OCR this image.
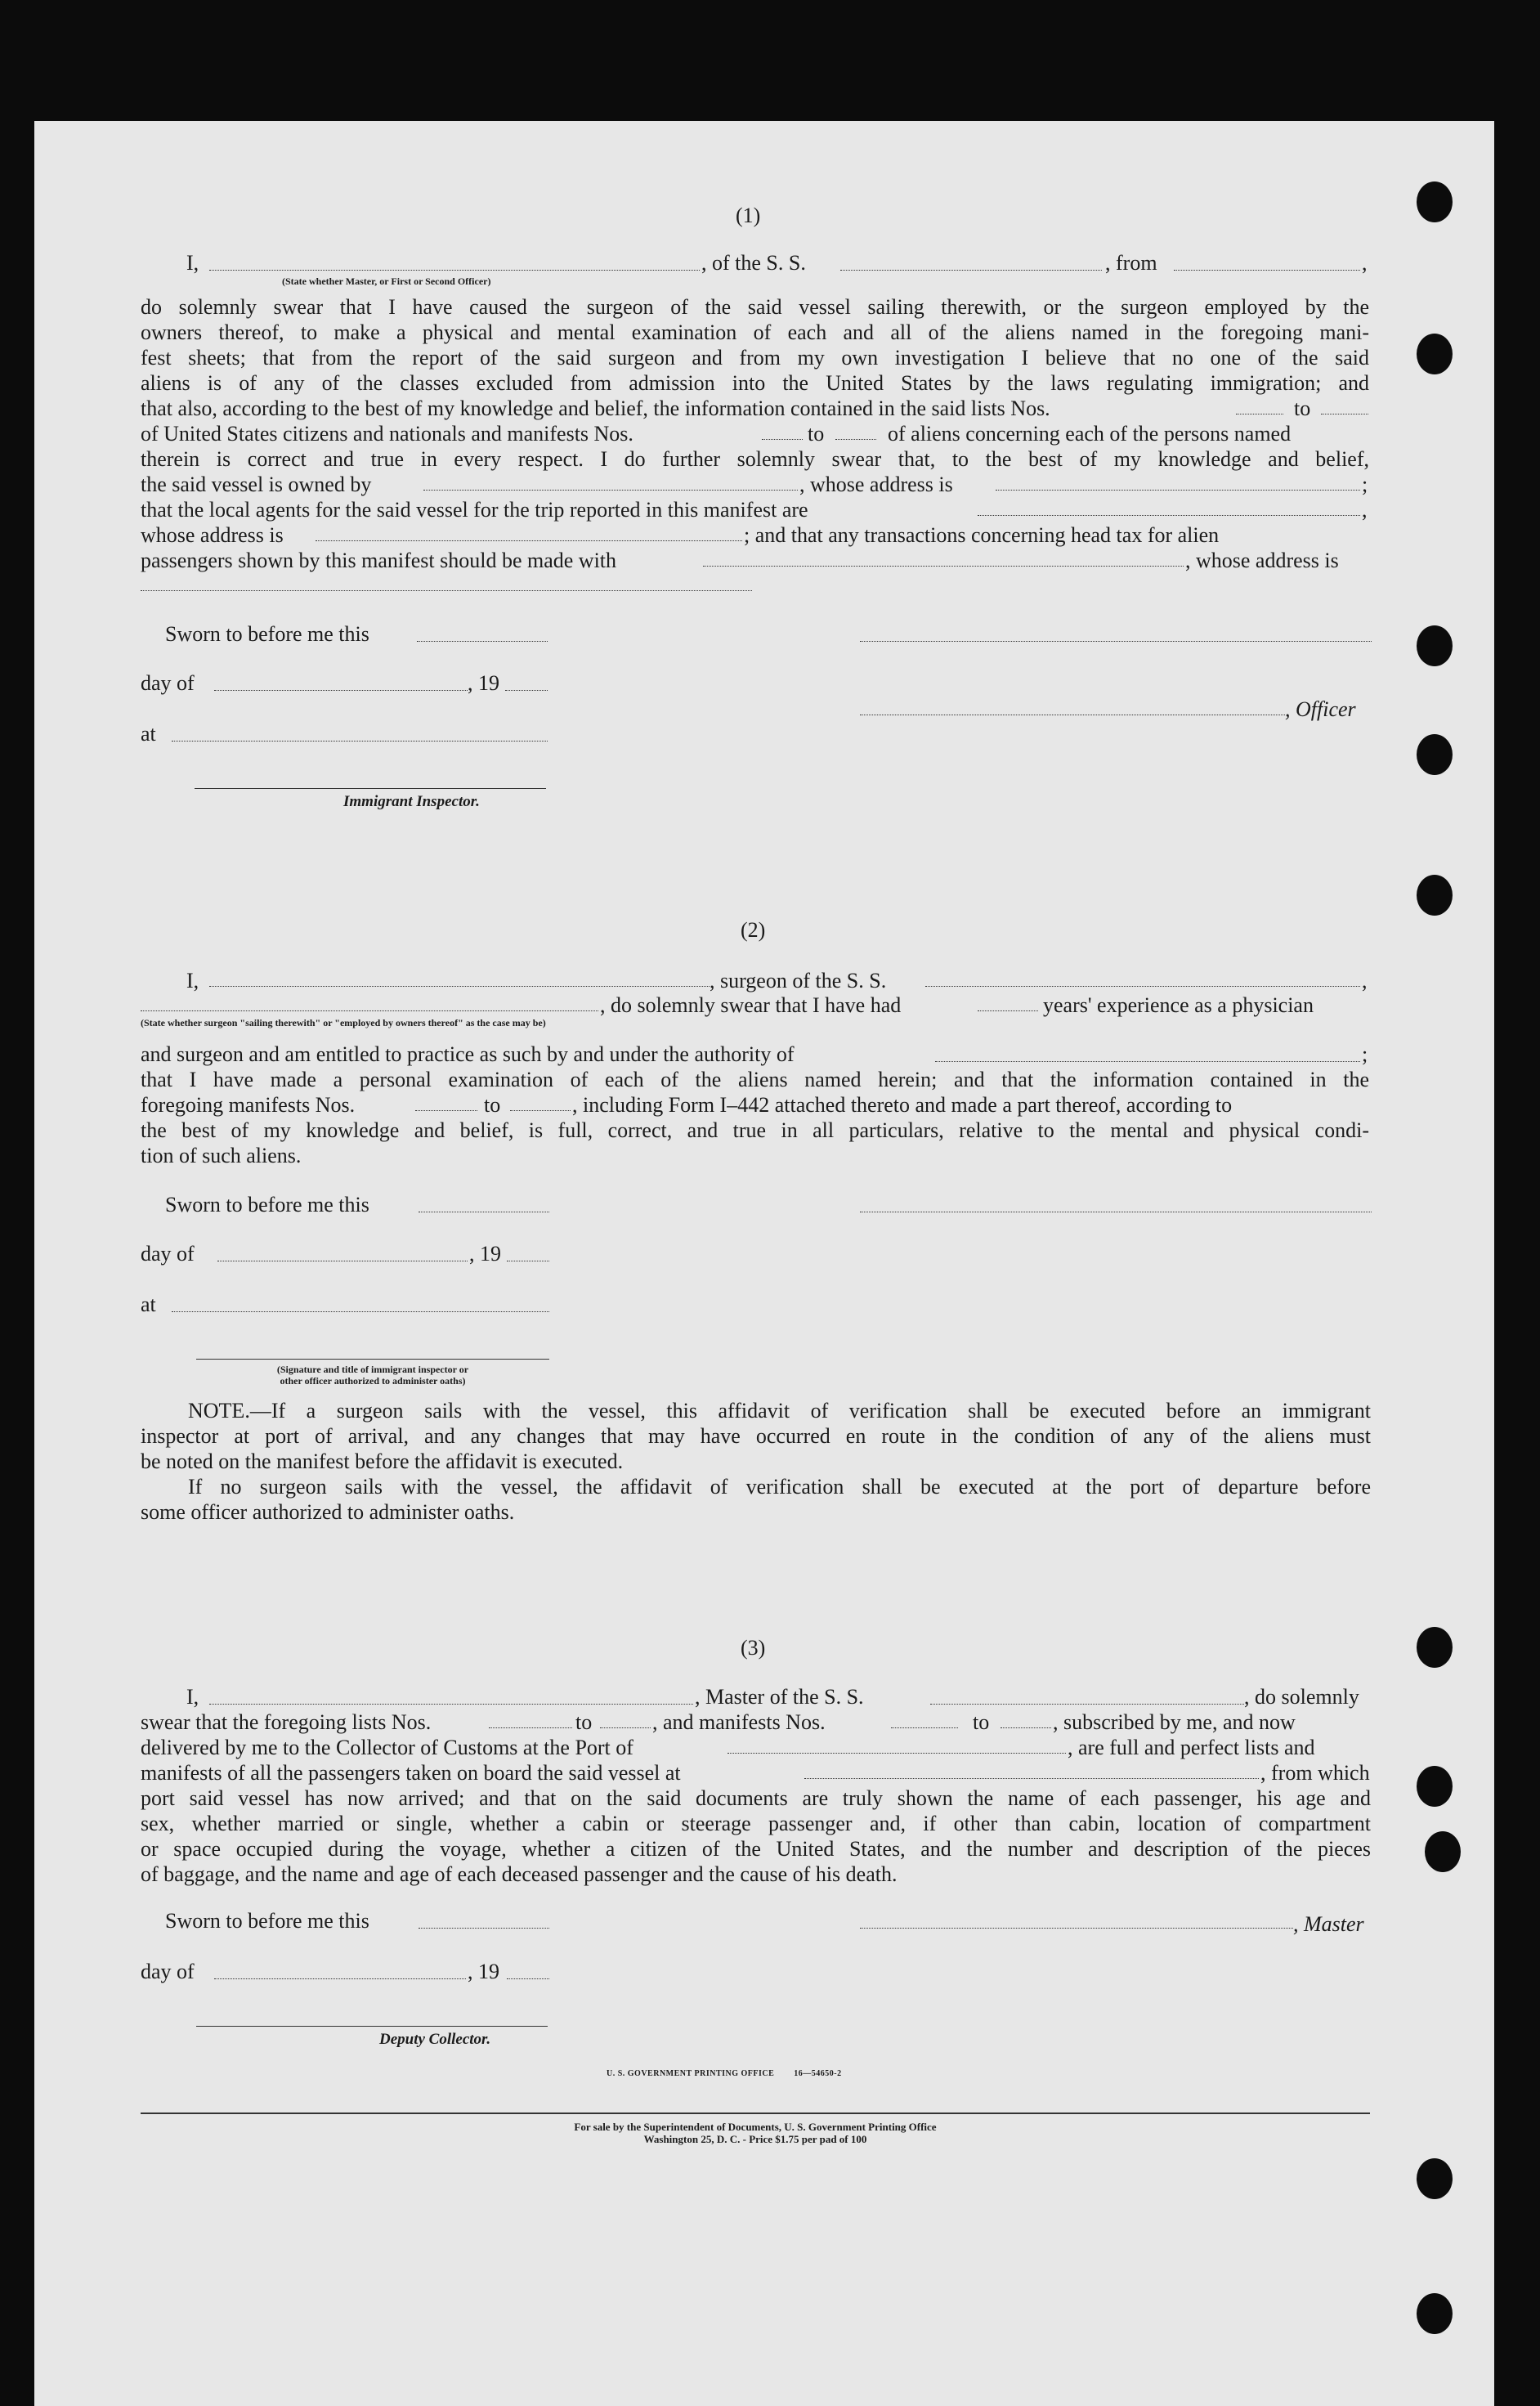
(1)
I,	, of the S. S.	, from	,
(State whether Master, or First or Second Officer)
do solemnly swear that I have caused the surgeon of the said vessel sailing therewith, or the surgeon employed by the
owners thereof, to make a physical and mental examination of each and all of the aliens named in the foregoing mani-
fest sheets; that from the report of the said surgeon and from my own investigation I believe that no one of the said
aliens is of any of the classes excluded from admission into the United States by the laws regulating immigration; and
that also, according to the best of my knowledge and belief, the information contained in the said lists Nos.	to
of United States citizens and nationals and manifests Nos.	to	of aliens concerning each of the persons named
therein is correct and true in every respect. I do further solemnly swear that, to the best of my knowledge and belief,
the said vessel is owned by	, whose address is	;
that the local agents for the said vessel for the trip reported in this manifest are	,
whose address is	; and that any transactions concerning head tax for alien
passengers shown by this manifest should be made with	, whose address is
Sworn to before me this
day of	, 19
, Officer
at
Immigrant Inspector.
(2)
I,	, surgeon of the S. S.	,
, do solemnly swear that I have had	years' experience as a physician
(State whether surgeon "sailing therewith" or "employed by owners thereof" as the case may be)
and surgeon and am entitled to practice as such by and under the authority of	;
that I have made a personal examination of each of the aliens named herein; and that the information contained in the
foregoing manifests Nos.	to	, including Form I–442 attached thereto and made a part thereof, according to
the best of my knowledge and belief, is full, correct, and true in all particulars, relative to the mental and physical condi-
tion of such aliens.
Sworn to before me this
day of	, 19
at
(Signature and title of immigrant inspector or
other officer authorized to administer oaths)
NOTE.—If a surgeon sails with the vessel, this affidavit of verification shall be executed before an immigrant
inspector at port of arrival, and any changes that may have occurred en route in the condition of any of the aliens must
be noted on the manifest before the affidavit is executed.
If no surgeon sails with the vessel, the affidavit of verification shall be executed at the port of departure before
some officer authorized to administer oaths.
(3)
I,	, Master of the S. S.	, do solemnly
swear that the foregoing lists Nos.	to	, and manifests Nos.	to	, subscribed by me, and now
delivered by me to the Collector of Customs at the Port of	, are full and perfect lists and
manifests of all the passengers taken on board the said vessel at	, from which
port said vessel has now arrived; and that on the said documents are truly shown the name of each passenger, his age and
sex, whether married or single, whether a cabin or steerage passenger and, if other than cabin, location of compartment
or space occupied during the voyage, whether a citizen of the United States, and the number and description of the pieces
of baggage, and the name and age of each deceased passenger and the cause of his death.
Sworn to before me this	, Master
day of	, 19
Deputy Collector.
U. S. GOVERNMENT PRINTING OFFICE        16—54650-2
For sale by the Superintendent of Documents, U. S. Government Printing Office
Washington 25, D. C. - Price $1.75 per pad of 100
